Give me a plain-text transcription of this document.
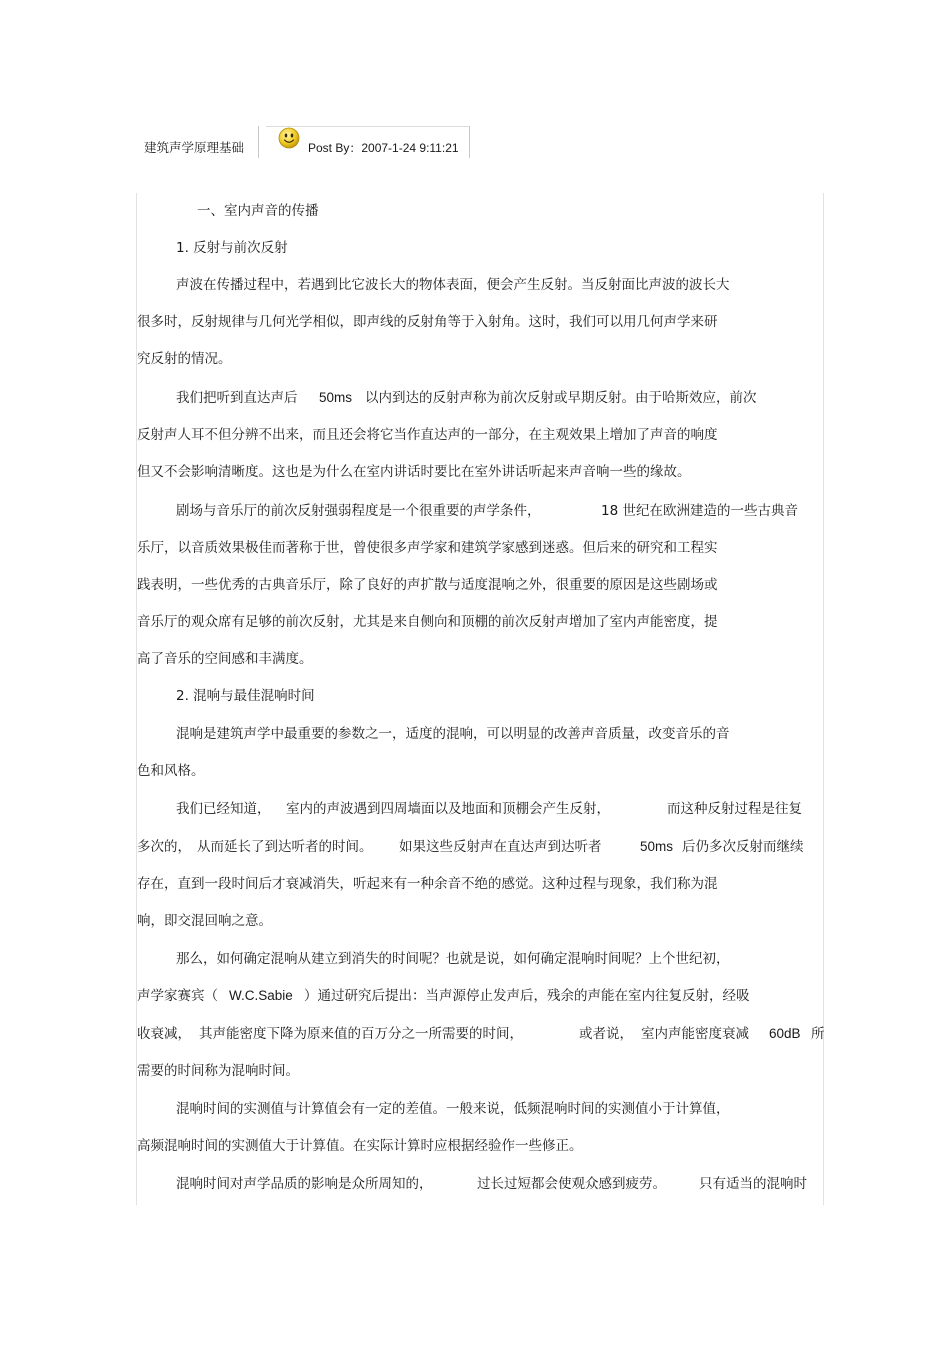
建筑声学原理基础	Post By：2007-1-24 9:11:21
一、室内声音的传播
1. 反射与前次反射
声波在传播过程中，若遇到比它波长大的物体表面，便会产生反射。当反射面比声波的波长大
很多时，反射规律与几何光学相似，即声线的反射角等于入射角。这时，我们可以用几何声学来研
究反射的情况。
我们把听到直达声后 50ms 以内到达的反射声称为前次反射或早期反射。由于哈斯效应，前次
反射声人耳不但分辨不出来，而且还会将它当作直达声的一部分，在主观效果上增加了声音的响度
但又不会影响清晰度。这也是为什么在室内讲话时要比在室外讲话听起来声音响一些的缘故。
剧场与音乐厅的前次反射强弱程度是一个很重要的声学条件，	18 世纪在欧洲建造的一些古典音
乐厅，以音质效果极佳而著称于世，曾使很多声学家和建筑学家感到迷惑。但后来的研究和工程实
践表明，一些优秀的古典音乐厅，除了良好的声扩散与适度混响之外，很重要的原因是这些剧场或
音乐厅的观众席有足够的前次反射，尤其是来自侧向和顶棚的前次反射声增加了室内声能密度，提
高了音乐的空间感和丰满度。
2. 混响与最佳混响时间
混响是建筑声学中最重要的参数之一，适度的混响，可以明显的改善声音质量，改变音乐的音
色和风格。
我们已经知道， 室内的声波遇到四周墙面以及地面和顶棚会产生反射，	而这种反射过程是往复
多次的， 从而延长了到达听者的时间。 如果这些反射声在直达声到达听者	50ms 后仍多次反射而继续
存在，直到一段时间后才衰减消失，听起来有一种余音不绝的感觉。这种过程与现象，我们称为混
响，即交混回响之意。
那么，如何确定混响从建立到消失的时间呢？也就是说，如何确定混响时间呢？上个世纪初，
声学家赛宾（ W.C.Sabie ）通过研究后提出：当声源停止发声后，残余的声能在室内往复反射，经吸
收衰减， 其声能密度下降为原来值的百万分之一所需要的时间，	或者说， 室内声能密度衰减 60dB 所
需要的时间称为混响时间。
混响时间的实测值与计算值会有一定的差值。一般来说，低频混响时间的实测值小于计算值，
高频混响时间的实测值大于计算值。在实际计算时应根据经验作一些修正。
混响时间对声学品质的影响是众所周知的，	过长过短都会使观众感到疲劳。 只有适当的混响时
